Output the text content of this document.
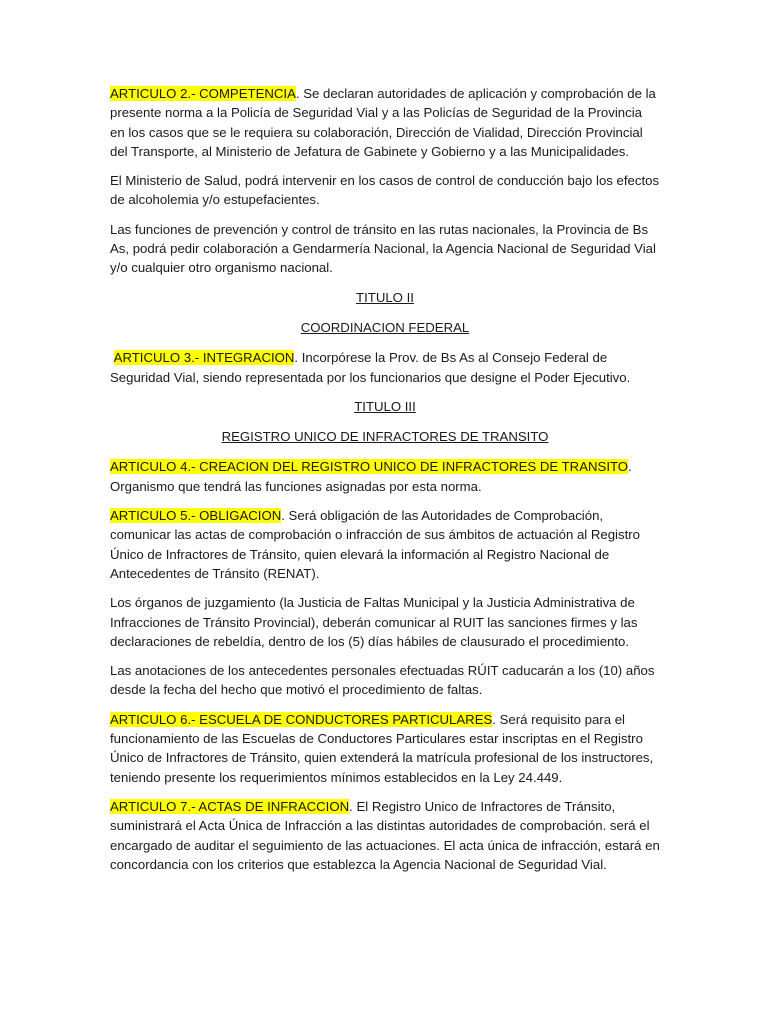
ARTICULO 2.- COMPETENCIA. Se declaran autoridades de aplicación y comprobación de la presente norma a la Policía de Seguridad Vial y a las Policías de Seguridad de la Provincia en los casos que se le requiera su colaboración, Dirección de Vialidad, Dirección Provincial del Transporte, al Ministerio de Jefatura de Gabinete y Gobierno y a las Municipalidades.

El Ministerio de Salud, podrá intervenir en los casos de control de conducción bajo los efectos de alcoholemia y/o estupefacientes.

Las funciones de prevención y control de tránsito en las rutas nacionales, la Provincia de Bs As, podrá pedir colaboración a Gendarmería Nacional, la Agencia Nacional de Seguridad Vial y/o cualquier otro organismo nacional.

TITULO II

COORDINACION FEDERAL

ARTICULO 3.- INTEGRACION. Incorpórese la Prov. de Bs As al Consejo Federal de Seguridad Vial, siendo representada por los funcionarios que designe el Poder Ejecutivo.

TITULO III

REGISTRO UNICO DE INFRACTORES DE TRANSITO

ARTICULO 4.- CREACION DEL REGISTRO UNICO DE INFRACTORES DE TRANSITO. Organismo que tendrá las funciones asignadas por esta norma.

ARTICULO 5.- OBLIGACION. Será obligación de las Autoridades de Comprobación, comunicar las actas de comprobación o infracción de sus ámbitos de actuación al Registro Único de Infractores de Tránsito, quien elevará la información al Registro Nacional de Antecedentes de Tránsito (RENAT).

Los órganos de juzgamiento (la Justicia de Faltas Municipal y la Justicia Administrativa de Infracciones de Tránsito Provincial), deberán comunicar al RUIT las sanciones firmes y las declaraciones de rebeldía, dentro de los (5) días hábiles de clausurado el procedimiento.

Las anotaciones de los antecedentes personales efectuadas RÚIT caducarán a los (10) años desde la fecha del hecho que motivó el procedimiento de faltas.

ARTICULO 6.- ESCUELA DE CONDUCTORES PARTICULARES. Será requisito para el funcionamiento de las Escuelas de Conductores Particulares estar inscriptas en el Registro Único de Infractores de Tránsito, quien extenderá la matrícula profesional de los instructores, teniendo presente los requerimientos mínimos establecidos en la Ley 24.449.

ARTICULO 7.- ACTAS DE INFRACCION. El Registro Unico de Infractores de Tránsito, suministrará el Acta Única de Infracción a las distintas autoridades de comprobación. será el encargado de auditar el seguimiento de las actuaciones. El acta única de infracción, estará en concordancia con los criterios que establezca la Agencia Nacional de Seguridad Vial.
